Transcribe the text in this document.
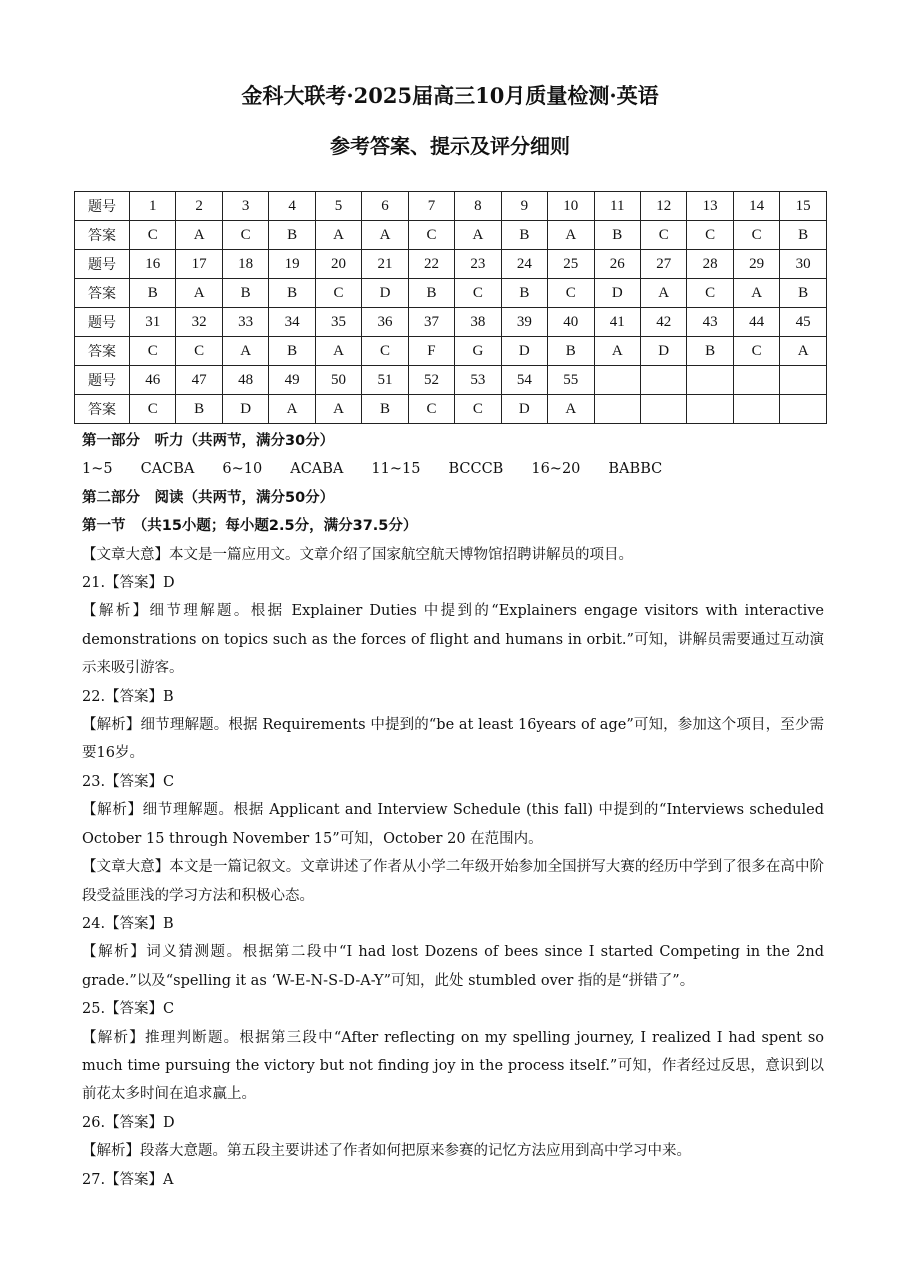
金科大联考·2025届高三10月质量检测·英语
参考答案、提示及评分细则
题号	1	2	3	4	5	6	7	8	9	10	11	12	13	14	15
答案	C	A	C	B	A	A	C	A	B	A	B	C	C	C	B
题号	16	17	18	19	20	21	22	23	24	25	26	27	28	29	30
答案	B	A	B	B	C	D	B	C	B	C	D	A	C	A	B
题号	31	32	33	34	35	36	37	38	39	40	41	42	43	44	45
答案	C	C	A	B	A	C	F	G	D	B	A	D	B	C	A
题号	46	47	48	49	50	51	52	53	54	55					
答案	C	B	D	A	A	B	C	C	D	A					
第一部分　听力（共两节，满分30分）
1~5 CACBA 6~10 ACABA 11~15 BCCCB 16~20 BABBC
第二部分　阅读（共两节，满分50分）
第一节　（共15小题；每小题2.5分，满分37.5分）
【文章大意】本文是一篇应用文。文章介绍了国家航空航天博物馆招聘讲解员的项目。
21.【答案】D
【解析】细节理解题。根据 Explainer Duties 中提到的“Explainers engage visitors with interactive demonstrations on topics such as the forces of flight and humans in orbit.”可知，讲解员需要通过互动演示来吸引游客。
22.【答案】B
【解析】细节理解题。根据 Requirements 中提到的“be at least 16years of age”可知，参加这个项目，至少需要16岁。
23.【答案】C
【解析】细节理解题。根据 Applicant and Interview Schedule (this fall) 中提到的“Interviews scheduled October 15 through November 15”可知，October 20 在范围内。
【文章大意】本文是一篇记叙文。文章讲述了作者从小学二年级开始参加全国拼写大赛的经历中学到了很多在高中阶段受益匪浅的学习方法和积极心态。
24.【答案】B
【解析】词义猜测题。根据第二段中“I had lost Dozens of bees since I started Competing in the 2nd grade.”以及“spelling it as ‘W-E-N-S-D-A-Y”可知，此处 stumbled over 指的是“拼错了”。
25.【答案】C
【解析】推理判断题。根据第三段中“After reflecting on my spelling journey, I realized I had spent so much time pursuing the victory but not finding joy in the process itself.”可知，作者经过反思，意识到以前花太多时间在追求赢上。
26.【答案】D
【解析】段落大意题。第五段主要讲述了作者如何把原来参赛的记忆方法应用到高中学习中来。
27.【答案】A
